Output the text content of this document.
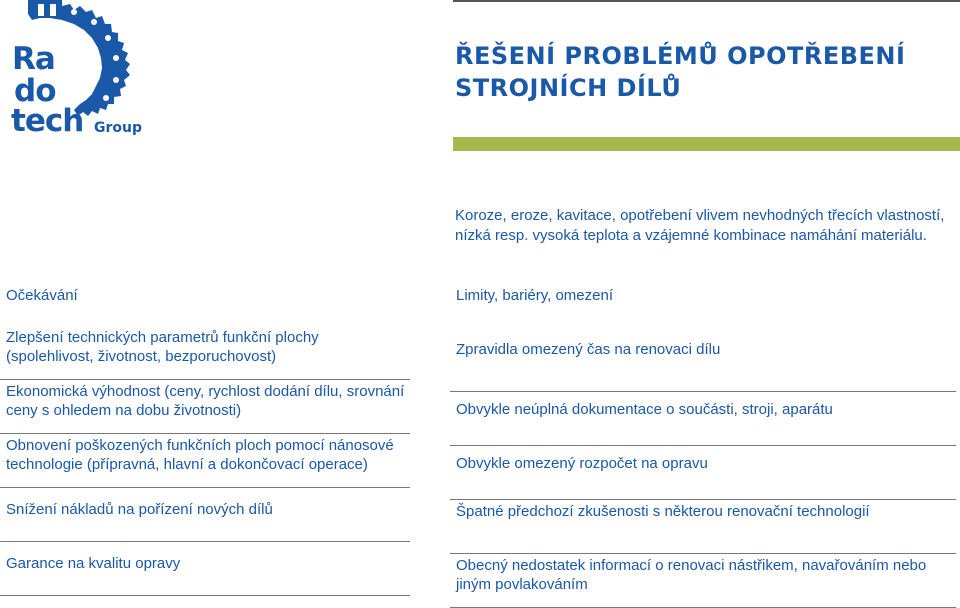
Ra
do
tech Group
ŘEŠENÍ PROBLÉMŮ OPOTŘEBENÍ
STROJNÍCH DÍLŮ

Koroze, eroze, kavitace, opotřebení vlivem nevhodných třecích vlastností, nízká resp. vysoká teplota a vzájemné kombinace namáhání materiálu.

Očekávání
Zlepšení technických parametrů funkční plochy (spolehlivost, životnost, bezporuchovost)
Ekonomická výhodnost (ceny, rychlost dodání dílu, srovnání ceny s ohledem na dobu životnosti)
Obnovení poškozených funkčních ploch pomocí nánosové technologie (přípravná, hlavní a dokončovací operace)
Snížení nákladů na pořízení nových dílů
Garance na kvalitu opravy
Limity, bariéry, omezení
Zpravidla omezený čas na renovaci dílu
Obvykle neúplná dokumentace o součásti, stroji, aparátu
Obvykle omezený rozpočet na opravu
Špatné předchozí zkušenosti s některou renovační technologií
Obecný nedostatek informací o renovaci nástřikem, navařováním nebo jiným povlakováním
